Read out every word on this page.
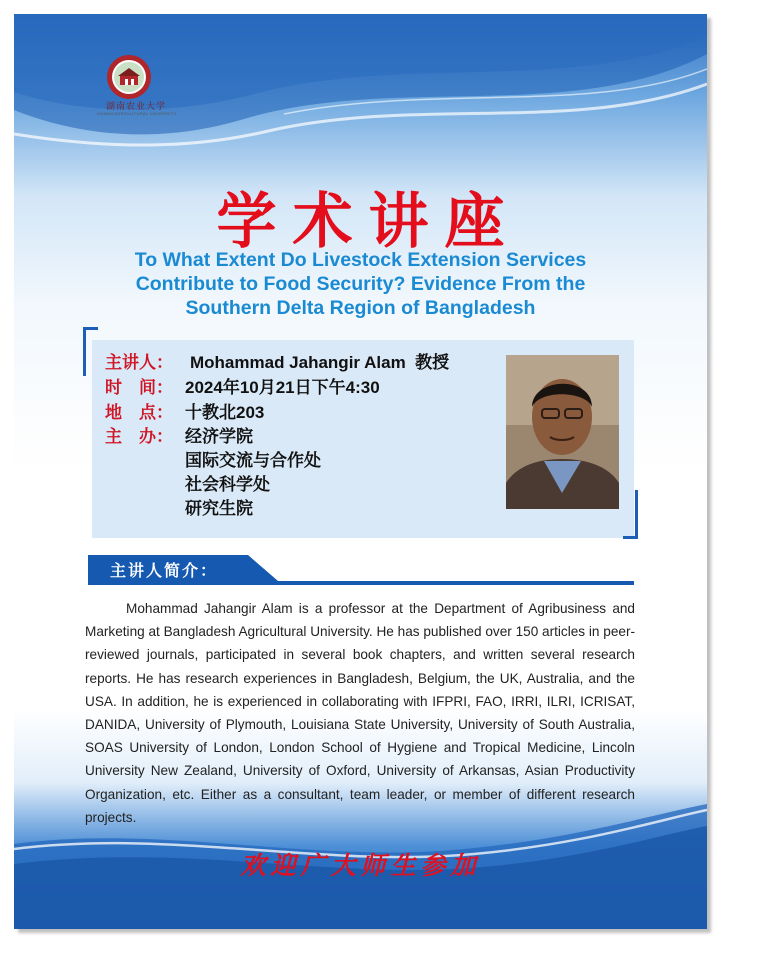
湖南农业大学
HUNAN AGRICULTURAL UNIVERSITY
学术讲座
To What Extent Do Livestock Extension Services
Contribute to Food Security? Evidence From the
Southern Delta Region of Bangladesh
主讲人： Mohammad Jahangir Alam 教授
时　间： 2024年10月21日下午4:30
地　点： 十教北203
主　办： 经济学院
国际交流与合作处
社会科学处
研究生院
主讲人简介：
Mohammad Jahangir Alam is a professor at the Department of Agribusiness and Marketing at Bangladesh Agricultural University. He has published over 150 articles in peer-reviewed journals, participated in several book chapters, and written several research reports. He has research experiences in Bangladesh, Belgium, the UK, Australia, and the USA. In addition, he is experienced in collaborating with IFPRI, FAO, IRRI, ILRI, ICRISAT, DANIDA, University of Plymouth, Louisiana State University, University of South Australia, SOAS University of London, London School of Hygiene and Tropical Medicine, Lincoln University New Zealand, University of Oxford, University of Arkansas, Asian Productivity Organization, etc. Either as a consultant, team leader, or member of different research projects.
欢迎广大师生参加
